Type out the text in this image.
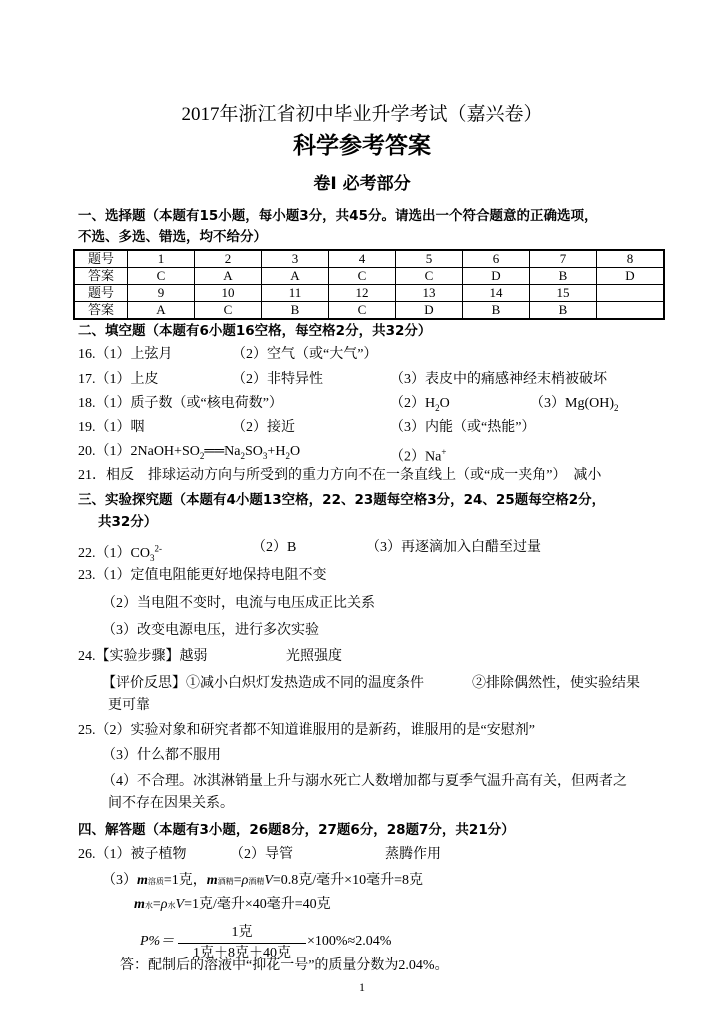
2017年浙江省初中毕业升学考试（嘉兴卷）
科学参考答案
卷Ⅰ 必考部分
一、选择题（本题有15小题，每小题3分，共45分。请选出一个符合题意的正确选项，
不选、多选、错选，均不给分）
题号	1	2	3	4	5	6	7	8
答案	C	A	A	C	C	D	B	D
题号	9	10	11	12	13	14	15	
答案	A	C	B	C	D	B	B	
二、填空题（本题有6小题16空格，每空格2分，共32分）
16.（1）上弦月	（2）空气（或“大气”）
17.（1）上皮	（2）非特异性	（3）表皮中的痛感神经末梢被破坏
18.（1）质子数（或“核电荷数”）	$(2)H_2O$	$(3)Mg(OH)_2$
19.（1）咽	（2）接近	（3）内能（或“热能”）
$20.(1)2NaOH+SO_2══Na_2SO_3+H_2O$	（2）Na+
21．相反　排球运动方向与所受到的重力方向不在一条直线上（或“成一夹角”）　减小
三、实验探究题（本题有4小题13空格，22、23题每空格3分，24、25题每空格2分，
共32分）
$22.(1)CO_3^{2-}$	（2）B	（3）再逐滴加入白醋至过量
23.（1）定值电阻能更好地保持电阻不变
（2）当电阻不变时，电流与电压成正比关系
（3）改变电源电压，进行多次实验
24.【实验步骤】越弱	光照强度
【评价反思】①减小白炽灯发热造成不同的温度条件	②排除偶然性，使实验结果
更可靠
25.（2）实验对象和研究者都不知道谁服用的是新药，谁服用的是“安慰剂”
（3）什么都不服用
（4）不合理。冰淇淋销量上升与溺水死亡人数增加都与夏季气温升高有关，但两者之
间不存在因果关系。
四、解答题（本题有3小题，26题8分，27题6分，28题7分，共21分）
26.（1）被子植物	（2）导管	蒸腾作用
（3）m溶质=1克，m酒精=ρ酒精V=0.8克/毫升×10毫升=8克
m水=ρ水V=1克/毫升×40毫升=40克
P%＝
1克
1克＋8克＋40克
×100%≈2.04%
答：配制后的溶液中“抑花一号”的质量分数为2.04%。
1
